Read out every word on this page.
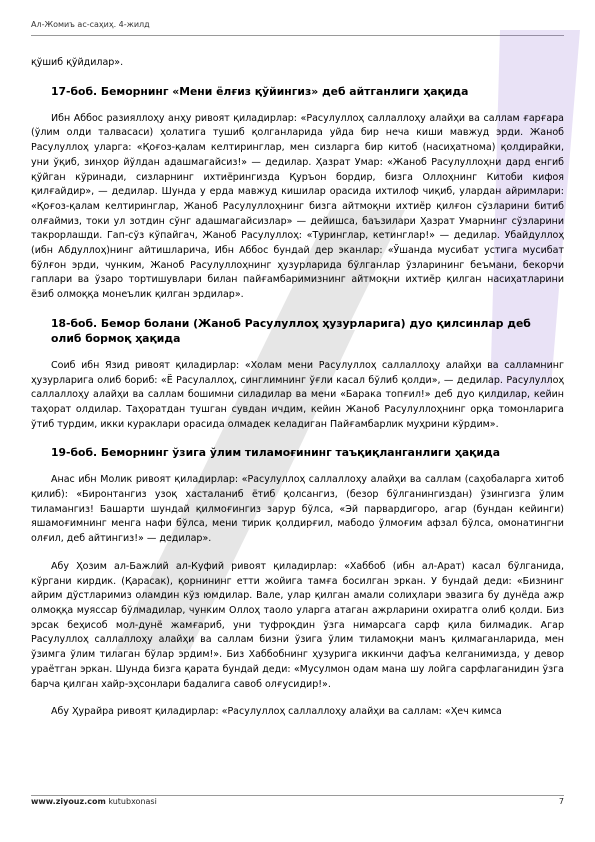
Ал-Жомиъ ас-саҳиҳ. 4-жилд

қўшиб қўйдилар».

17-боб. Беморнинг «Мени ёлғиз қўйингиз» деб айтганлиги ҳақида

Ибн Аббос разияллоҳу анҳу ривоят қиладирлар: «Расулуллоҳ саллаллоҳу алайҳи ва саллам ғарғара (ўлим олди талвасаси) ҳолатига тушиб қолганларида уйда бир неча киши мавжуд эрди. Жаноб Расулуллоҳ уларга: «Қоғоз-қалам келтиринглар, мен сизларга бир китоб (насиҳатнома) қолдирайки, уни ўқиб, зинҳор йўлдан адашмагайсиз!» — дедилар. Ҳазрат Умар: «Жаноб Расулуллоҳни дард енгиб қўйган кўринади, сизларнинг ихтиёрингизда Қуръон бордир, бизга Оллоҳнинг Китоби кифоя қилғайдир», — дедилар. Шунда у ерда мавжуд кишилар орасида ихтилоф чиқиб, улардан айримлари: «Қоғоз-қалам келтиринглар, Жаноб Расулуллоҳнинг бизга айтмоқни ихтиёр қилғон сўзларини битиб олғаймиз, токи ул зотдин сўнг адашмагайсизлар» — дейишса, баъзилари Ҳазрат Умарнинг сўзларини такрорлашди. Гап-сўз кўпайгач, Жаноб Расулуллоҳ: «Туринглар, кетинглар!» — дедилар. Убайдуллоҳ (ибн Абдуллоҳ)нинг айтишларича, Ибн Аббос бундай дер эканлар: «Ўшанда мусибат устига мусибат бўлғон эрди, чунким, Жаноб Расулуллоҳнинг ҳузурларида бўлганлар ўзларининг беъмани, бекорчи гаплари ва ўзаро тортишувлари билан пайғамбаримизнинг айтмоқни ихтиёр қилган насиҳатларини ёзиб олмоққа монеълик қилган эрдилар».

18-боб. Бемор болани (Жаноб Расулуллоҳ ҳузурларига) дуо қилсинлар деб олиб бормоқ ҳақида

Соиб ибн Язид ривоят қиладирлар: «Холам мени Расулуллоҳ саллаллоҳу алайҳи ва салламнинг ҳузурларига олиб бориб: «Ё Расулаллоҳ, синглимнинг ўғли касал бўлиб қолди», — дедилар. Расулуллоҳ саллаллоҳу алайҳи ва саллам бошимни силадилар ва мени «Барака топғил!» деб дуо қилдилар, кейин таҳорат олдилар. Таҳоратдан тушган сувдан ичдим, кейин Жаноб Расулуллоҳнинг орқа томонларига ўтиб турдим, икки кураклари орасида олмадек келадиган Пайғамбарлик муҳрини кўрдим».

19-боб. Беморнинг ўзига ўлим тиламоғининг таъқиқланганлиги ҳақида

Анас ибн Молик ривоят қиладирлар: «Расулуллоҳ саллаллоҳу алайҳи ва саллам (саҳобаларга хитоб қилиб): «Биронтангиз узоқ хасталаниб ётиб қолсангиз, (безор бўлганингиздан) ўзингизга ўлим тиламангиз! Башарти шундай қилмоғингиз зарур бўлса, «Эй парвардигоро, агар (бундан кейинги) яшамоғимнинг менга нафи бўлса, мени тирик қолдирғил, мабодо ўлмоғим афзал бўлса, омонатингни олғил, деб айтингиз!» — дедилар».

Абу Ҳозим ал-Бажлий ал-Куфий ривоят қиладирлар: «Хаббоб (ибн ал-Арат) касал бўлганида, кўргани кирдик. (Қарасак), қорнининг етти жойига тамға босилган эркан. У бундай деди: «Бизнинг айрим дўстларимиз оламдин кўз юмдилар. Вале, улар қилган амали солиҳлари эвазига бу дунёда ажр олмоққа муяссар бўлмадилар, чунким Оллоҳ таоло уларга атаган ажрларини охиратга олиб қолди. Биз эрсак беҳисоб мол-дунё жамғариб, уни туфроқдин ўзга нимарсага сарф қила билмадик. Агар Расулуллоҳ саллаллоҳу алайҳи ва саллам бизни ўзига ўлим тиламоқни манъ қилмаганларида, мен ўзимга ўлим тилаган бўлар эрдим!». Биз Хаббобнинг ҳузурига иккинчи дафъа келганимизда, у девор ураётган эркан. Шунда бизга қарата бундай деди: «Мусулмон одам мана шу лойга сарфлаганидин ўзга барча қилган хайр-эҳсонлари бадалига савоб олғусидир!».

Абу Ҳурайра ривоят қиладирлар: «Расулуллоҳ саллаллоҳу алайҳи ва саллам: «Ҳеч кимса

www.ziyouz.com kutubxonasi	7
